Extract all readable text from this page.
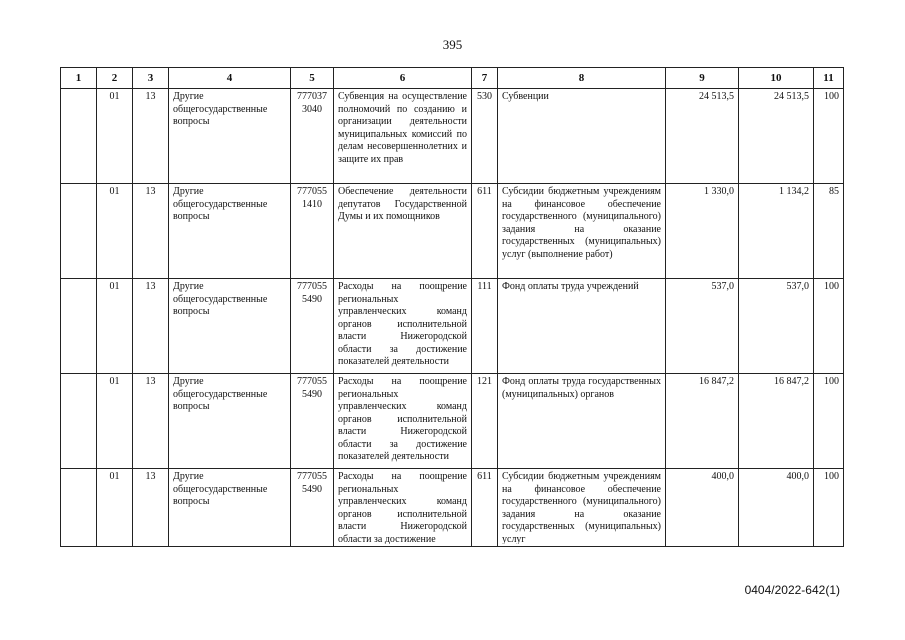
395
1	2	3	4	5	6	7	8	9	10	11
	01	13	Другие общегосударственные вопросы	777037 3040	Субвенция на осуществление полномочий по созданию и организации деятельности муниципальных комиссий по делам несовершеннолетних и защите их прав	530	Субвенции	24 513,5	24 513,5	100
	01	13	Другие общегосударственные вопросы	777055 1410	Обеспечение деятельности депутатов Государственной Думы и их помощников	611	Субсидии бюджетным учреждениям на финансовое обеспечение государственного (муниципального) задания на оказание государственных (муниципальных) услуг (выполнение работ)	1 330,0	1 134,2	85
	01	13	Другие общегосударственные вопросы	777055 5490	Расходы на поощрение региональных управленческих команд органов исполнительной власти Нижегородской области за достижение показателей деятельности	111	Фонд оплаты труда учреждений	537,0	537,0	100
	01	13	Другие общегосударственные вопросы	777055 5490	Расходы на поощрение региональных управленческих команд органов исполнительной власти Нижегородской области за достижение показателей деятельности	121	Фонд оплаты труда государственных (муниципальных) органов	16 847,2	16 847,2	100
	01	13	Другие общегосударственные вопросы	777055 5490	Расходы на поощрение региональных управленческих команд органов исполнительной власти Нижегородской области за достижение	611	Субсидии бюджетным учреждениям на финансовое обеспечение государственного (муниципального) задания на оказание государственных (муниципальных) услуг	400,0	400,0	100
0404/2022-642(1)
